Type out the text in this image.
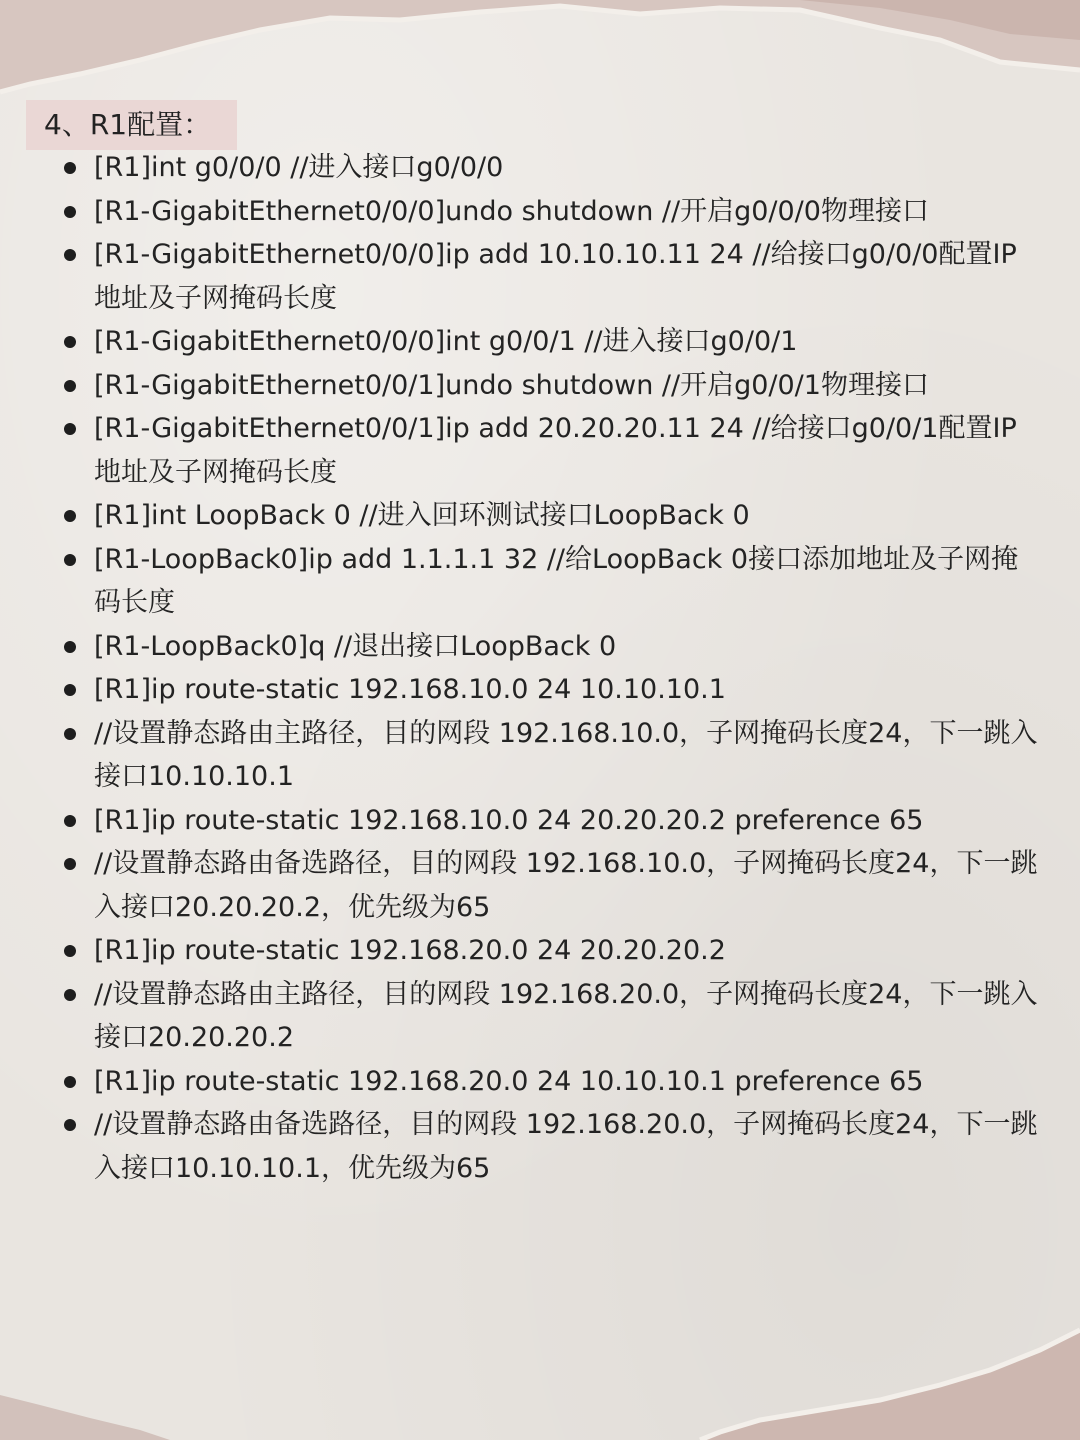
4、R1配置：
[R1]int g0/0/0 //进入接口g0/0/0
[R1-GigabitEthernet0/0/0]undo shutdown //开启g0/0/0物理接口
[R1-GigabitEthernet0/0/0]ip add 10.10.10.11 24 //给接口g0/0/0配置IP地址及子网掩码长度
[R1-GigabitEthernet0/0/0]int g0/0/1 //进入接口g0/0/1
[R1-GigabitEthernet0/0/1]undo shutdown //开启g0/0/1物理接口
[R1-GigabitEthernet0/0/1]ip add 20.20.20.11 24 //给接口g0/0/1配置IP地址及子网掩码长度
[R1]int LoopBack 0 //进入回环测试接口LoopBack 0
[R1-LoopBack0]ip add 1.1.1.1 32 //给LoopBack 0接口添加地址及子网掩码长度
[R1-LoopBack0]q //退出接口LoopBack 0
[R1]ip route-static 192.168.10.0 24 10.10.10.1
//设置静态路由主路径，目的网段 192.168.10.0，子网掩码长度24，下一跳入接口10.10.10.1
[R1]ip route-static 192.168.10.0 24 20.20.20.2 preference 65
//设置静态路由备选路径，目的网段 192.168.10.0，子网掩码长度24，下一跳入接口20.20.20.2，优先级为65
[R1]ip route-static 192.168.20.0 24 20.20.20.2
//设置静态路由主路径，目的网段 192.168.20.0，子网掩码长度24，下一跳入接口20.20.20.2
[R1]ip route-static 192.168.20.0 24 10.10.10.1 preference 65
//设置静态路由备选路径，目的网段 192.168.20.0，子网掩码长度24，下一跳入接口10.10.10.1，优先级为65
